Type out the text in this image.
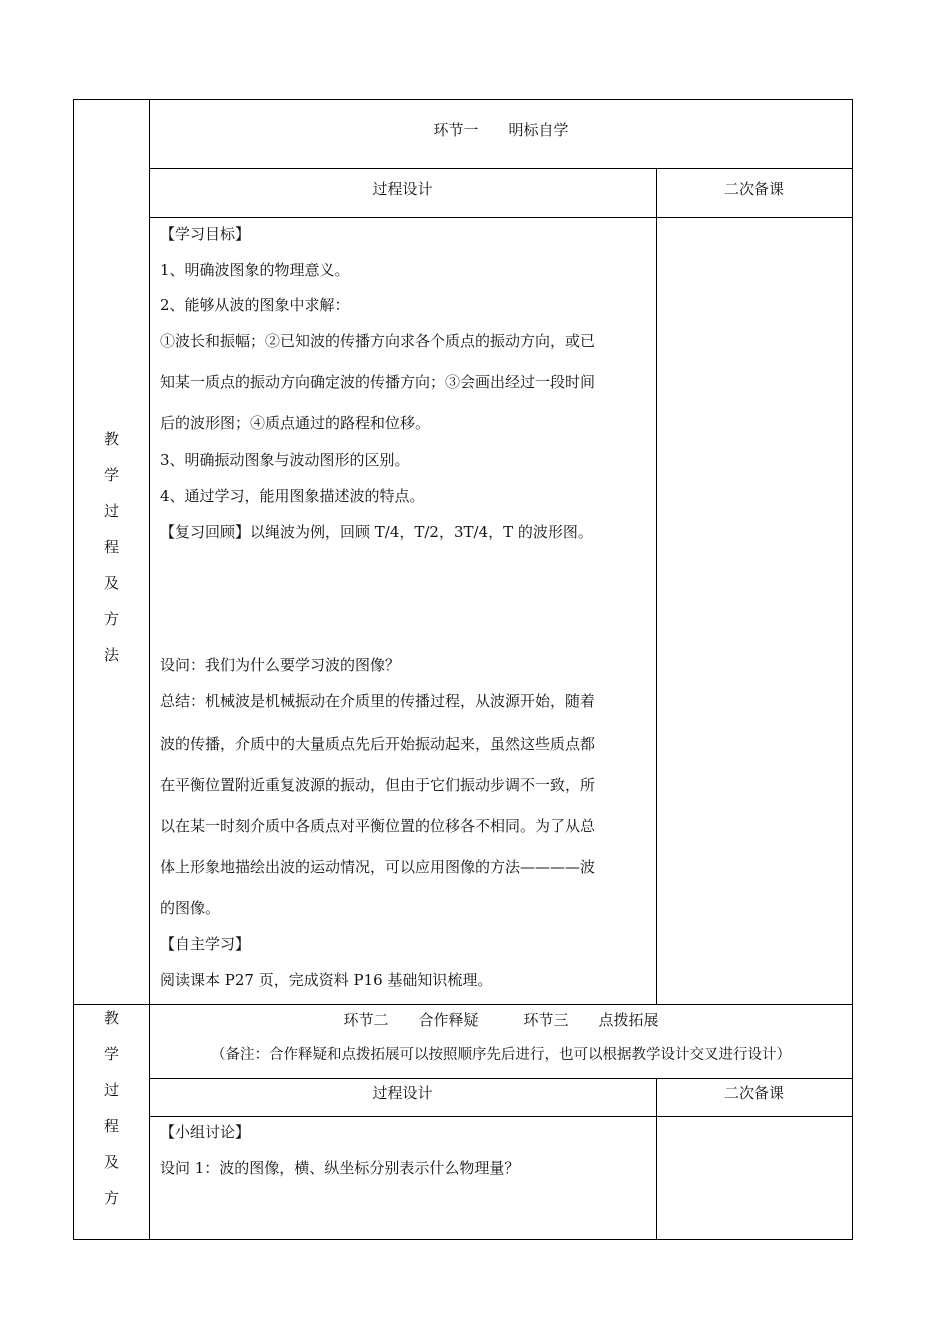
教
学
过
程
及
方
法
环节一　　明标自学
过程设计	二次备课
【学习目标】
1、明确波图象的物理意义。
2、能够从波的图象中求解：
①波长和振幅；②已知波的传播方向求各个质点的振动方向，或已
知某一质点的振动方向确定波的传播方向；③会画出经过一段时间
后的波形图；④质点通过的路程和位移。
3、明确振动图象与波动图形的区别。
4、通过学习，能用图象描述波的特点。
【复习回顾】以绳波为例，回顾 T/4，T/2，3T/4，T 的波形图。
设问：我们为什么要学习波的图像？
总结：机械波是机械振动在介质里的传播过程，从波源开始，随着
波的传播，介质中的大量质点先后开始振动起来，虽然这些质点都
在平衡位置附近重复波源的振动，但由于它们振动步调不一致，所
以在某一时刻介质中各质点对平衡位置的位移各不相同。为了从总
体上形象地描绘出波的运动情况，可以应用图像的方法————波
的图像。
【自主学习】
阅读课本 P27 页，完成资料 P16 基础知识梳理。
教
学
过
程
及
方
环节二　　合作释疑　　　环节三　　点拨拓展
（备注：合作释疑和点拨拓展可以按照顺序先后进行，也可以根据教学设计交叉进行设计）
过程设计	二次备课
【小组讨论】
设问 1：波的图像，横、纵坐标分别表示什么物理量？
